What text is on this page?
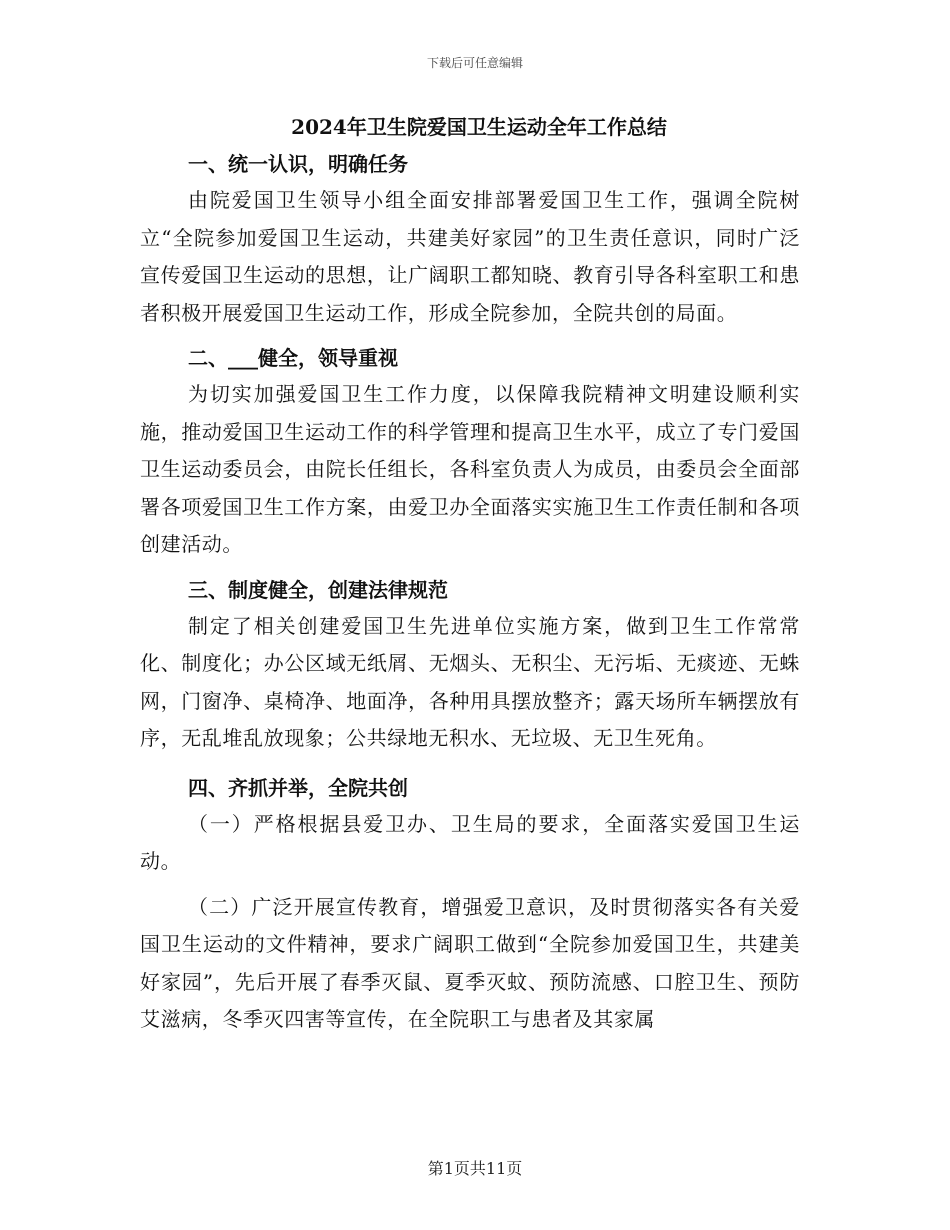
下载后可任意编辑
2024年卫生院爱国卫生运动全年工作总结
一、统一认识，明确任务

由院爱国卫生领导小组全面安排部署爱国卫生工作，强调全院树立“全院参加爱国卫生运动，共建美好家园”的卫生责任意识，同时广泛宣传爱国卫生运动的思想，让广阔职工都知晓、教育引导各科室职工和患者积极开展爱国卫生运动工作，形成全院参加，全院共创的局面。

二、___健全，领导重视

为切实加强爱国卫生工作力度，以保障我院精神文明建设顺利实施，推动爱国卫生运动工作的科学管理和提高卫生水平，成立了专门爱国卫生运动委员会，由院长任组长，各科室负责人为成员，由委员会全面部署各项爱国卫生工作方案，由爱卫办全面落实实施卫生工作责任制和各项创建活动。

三、制度健全，创建法律规范

制定了相关创建爱国卫生先进单位实施方案，做到卫生工作常常化、制度化；办公区域无纸屑、无烟头、无积尘、无污垢、无痰迹、无蛛网，门窗净、桌椅净、地面净，各种用具摆放整齐；露天场所车辆摆放有序，无乱堆乱放现象；公共绿地无积水、无垃圾、无卫生死角。

四、齐抓并举，全院共创

（一）严格根据县爱卫办、卫生局的要求，全面落实爱国卫生运动。

（二）广泛开展宣传教育，增强爱卫意识，及时贯彻落实各有关爱国卫生运动的文件精神，要求广阔职工做到“全院参加爱国卫生，共建美好家园”，先后开展了春季灭鼠、夏季灭蚊、预防流感、口腔卫生、预防艾滋病，冬季灭四害等宣传，在全院职工与患者及其家属

第1页共11页
